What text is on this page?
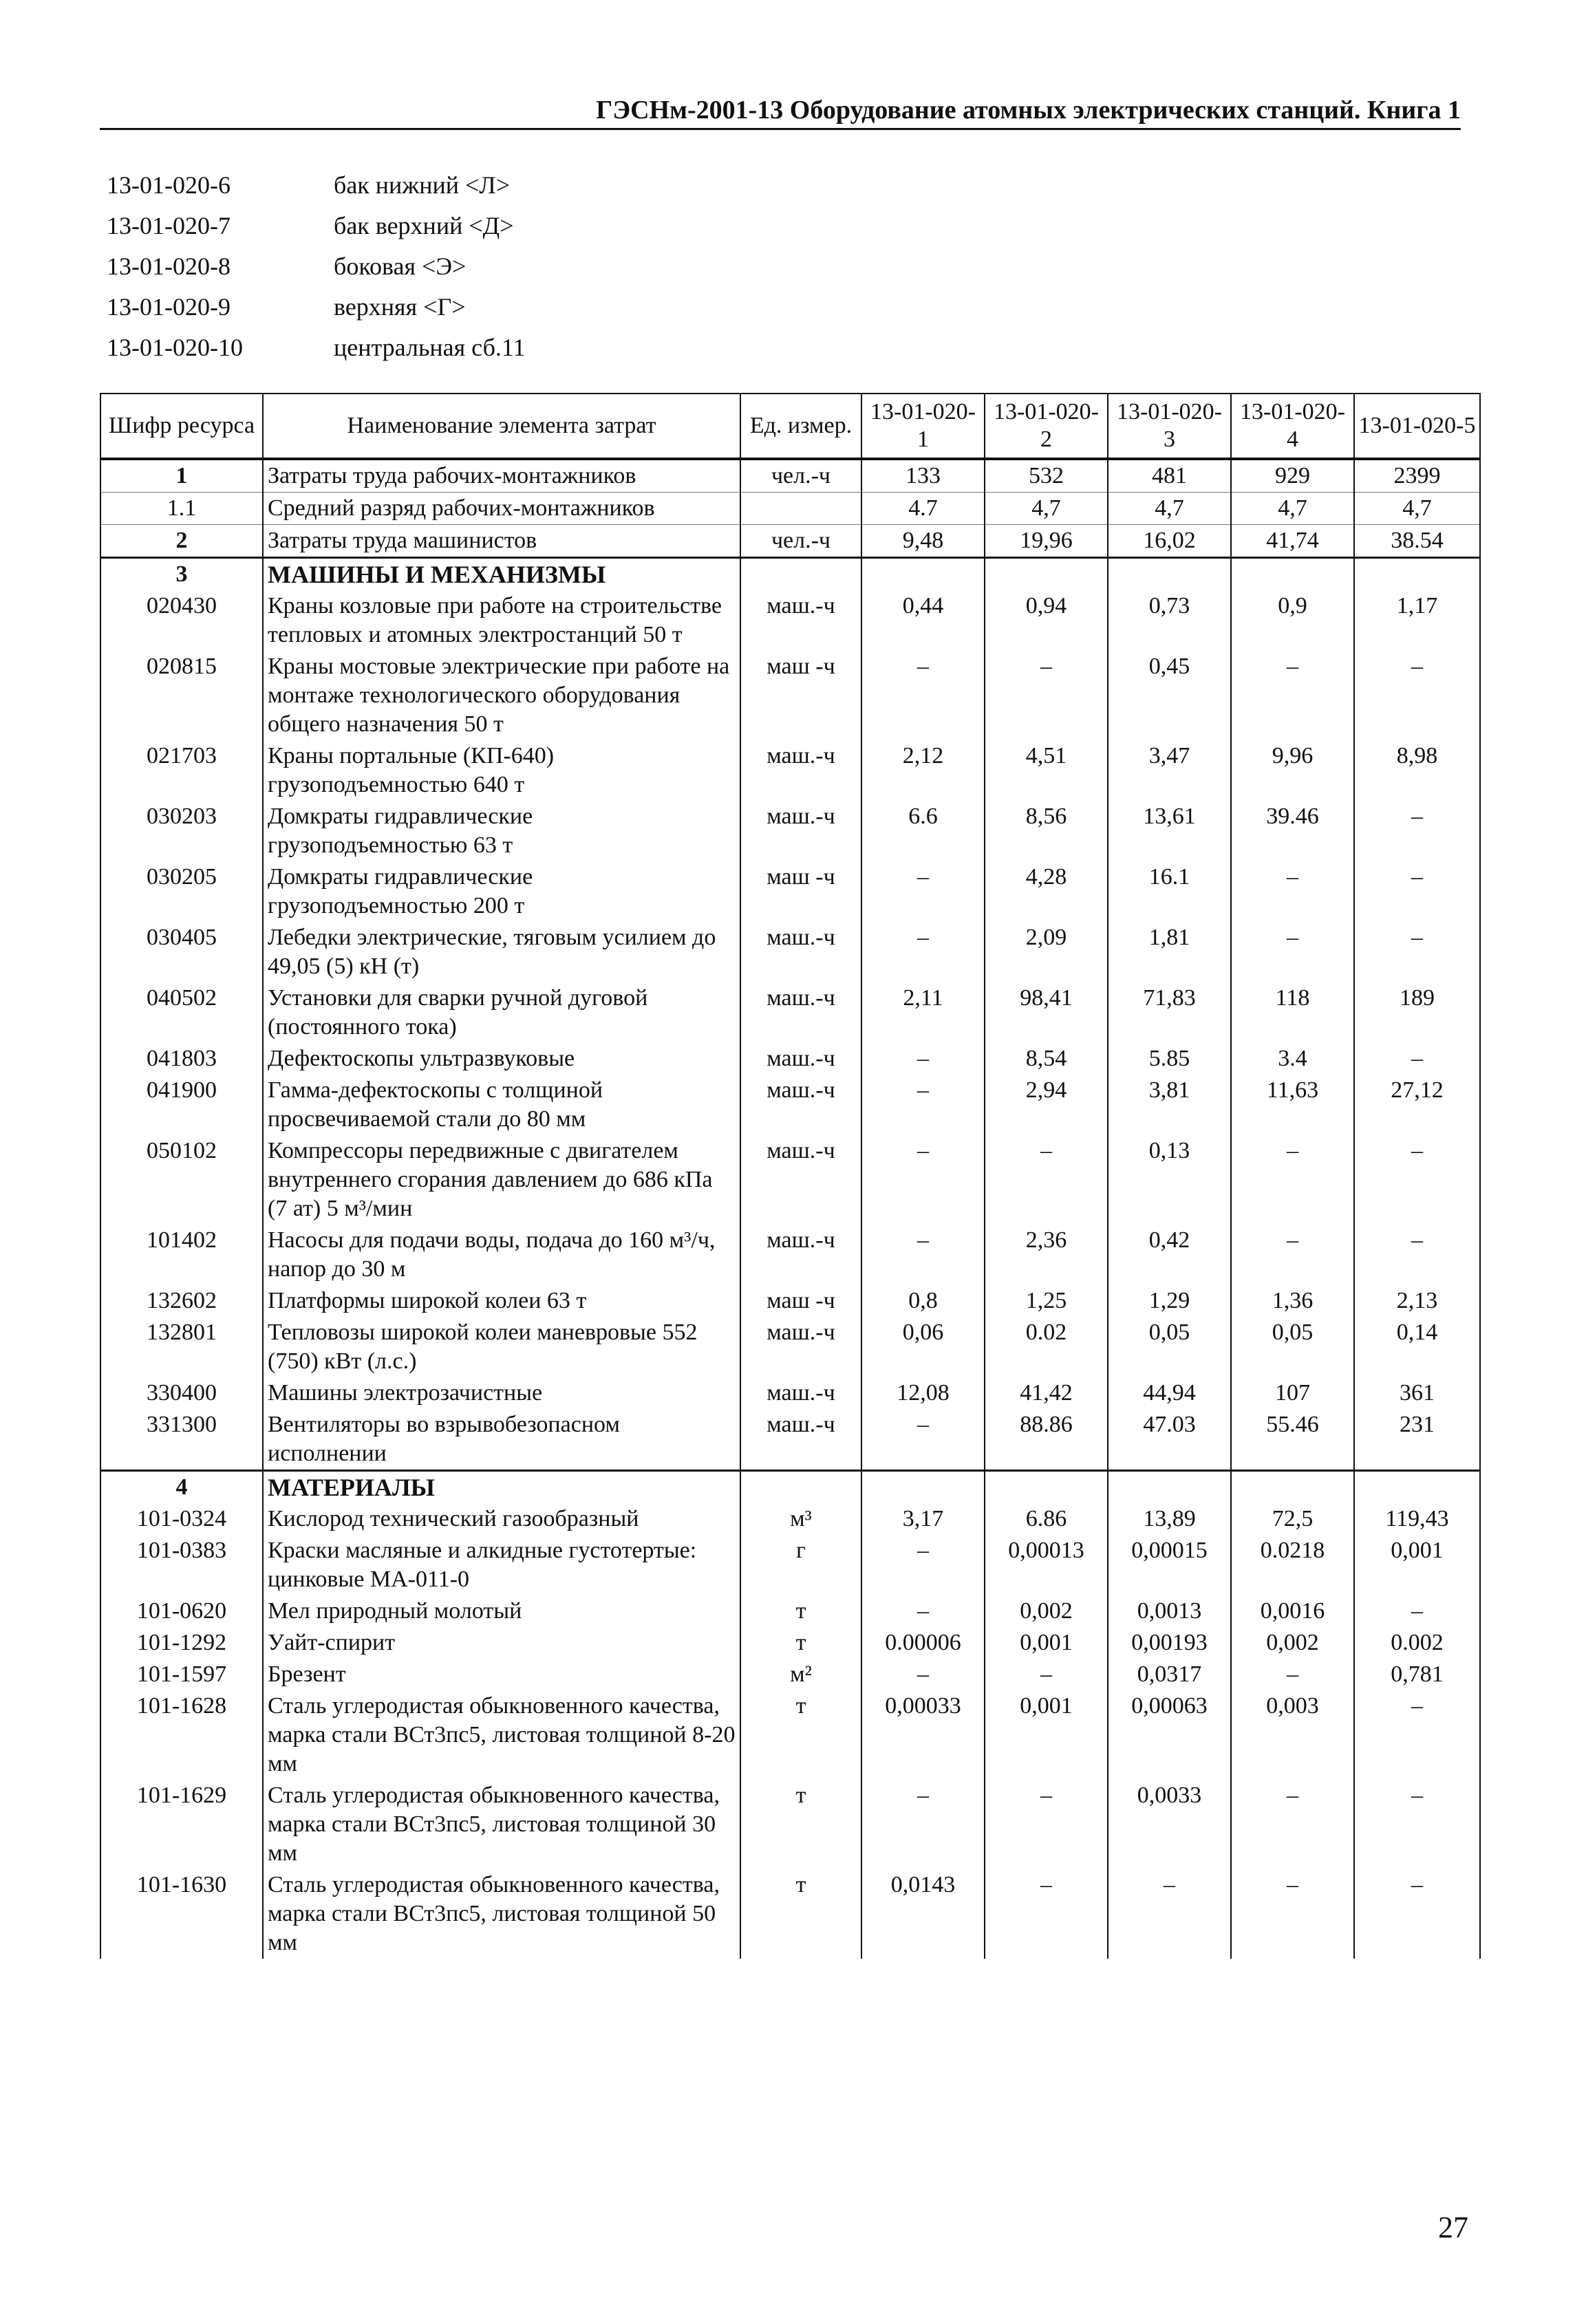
ГЭСНм-2001-13 Оборудование атомных электрических станций. Книга 1
13-01-020-6	бак нижний <Л>
13-01-020-7	бак верхний <Д>
13-01-020-8	боковая <Э>
13-01-020-9	верхняя <Г>
13-01-020-10	центральная сб.11
Шифр ресурса	Наименование элемента затрат	Ед. измер.	13-01-020-1	13-01-020-2	13-01-020-3	13-01-020-4	13-01-020-5
1	Затраты труда рабочих-монтажников	чел.-ч	133	532	481	929	2399
1.1	Средний разряд рабочих-монтажников		4.7	4,7	4,7	4,7	4,7
2	Затраты труда машинистов	чел.-ч	9,48	19,96	16,02	41,74	38.54
3	МАШИНЫ И МЕХАНИЗМЫ						
020430	Краны козловые при работе на строительстве тепловых и атомных электростанций 50 т	маш.-ч	0,44	0,94	0,73	0,9	1,17
020815	Краны мостовые электрические при работе на монтаже технологического оборудования общего назначения 50 т	маш -ч	–	–	0,45	–	–
021703	Краны портальные (КП-640) грузоподъемностью 640 т	маш.-ч	2,12	4,51	3,47	9,96	8,98
030203	Домкраты гидравлические грузоподъемностью 63 т	маш.-ч	6.6	8,56	13,61	39.46	–
030205	Домкраты гидравлические грузоподъемностью 200 т	маш -ч	–	4,28	16.1	–	–
030405	Лебедки электрические, тяговым усилием до 49,05 (5) кН (т)	маш.-ч	–	2,09	1,81	–	–
040502	Установки для сварки ручной дуговой (постоянного тока)	маш.-ч	2,11	98,41	71,83	118	189
041803	Дефектоскопы ультразвуковые	маш.-ч	–	8,54	5.85	3.4	–
041900	Гамма-дефектоскопы с толщиной просвечиваемой стали до 80 мм	маш.-ч	–	2,94	3,81	11,63	27,12
050102	Компрессоры передвижные с двигателем внутреннего сгорания давлением до 686 кПа (7 ат) 5 м³/мин	маш.-ч	–	–	0,13	–	–
101402	Насосы для подачи воды, подача до 160 м³/ч, напор до 30 м	маш.-ч	–	2,36	0,42	–	–
132602	Платформы широкой колеи 63 т	маш -ч	0,8	1,25	1,29	1,36	2,13
132801	Тепловозы широкой колеи маневровые 552 (750) кВт (л.с.)	маш.-ч	0,06	0.02	0,05	0,05	0,14
330400	Машины электрозачистные	маш.-ч	12,08	41,42	44,94	107	361
331300	Вентиляторы во взрывобезопасном исполнении	маш.-ч	–	88.86	47.03	55.46	231
4	МАТЕРИАЛЫ						
101-0324	Кислород технический газообразный	м³	3,17	6.86	13,89	72,5	119,43
101-0383	Краски масляные и алкидные густотертые: цинковые МА-011-0	г	–	0,00013	0,00015	0.0218	0,001
101-0620	Мел природный молотый	т	–	0,002	0,0013	0,0016	–
101-1292	Уайт-спирит	т	0.00006	0,001	0,00193	0,002	0.002
101-1597	Брезент	м²	–	–	0,0317	–	0,781
101-1628	Сталь углеродистая обыкновенного качества, марка стали ВСт3пс5, листовая толщиной 8-20 мм	т	0,00033	0,001	0,00063	0,003	–
101-1629	Сталь углеродистая обыкновенного качества, марка стали ВСт3пс5, листовая толщиной 30 мм	т	–	–	0,0033	–	–
101-1630	Сталь углеродистая обыкновенного качества, марка стали ВСт3пс5, листовая толщиной 50 мм	т	0,0143	–	–	–	–
27
